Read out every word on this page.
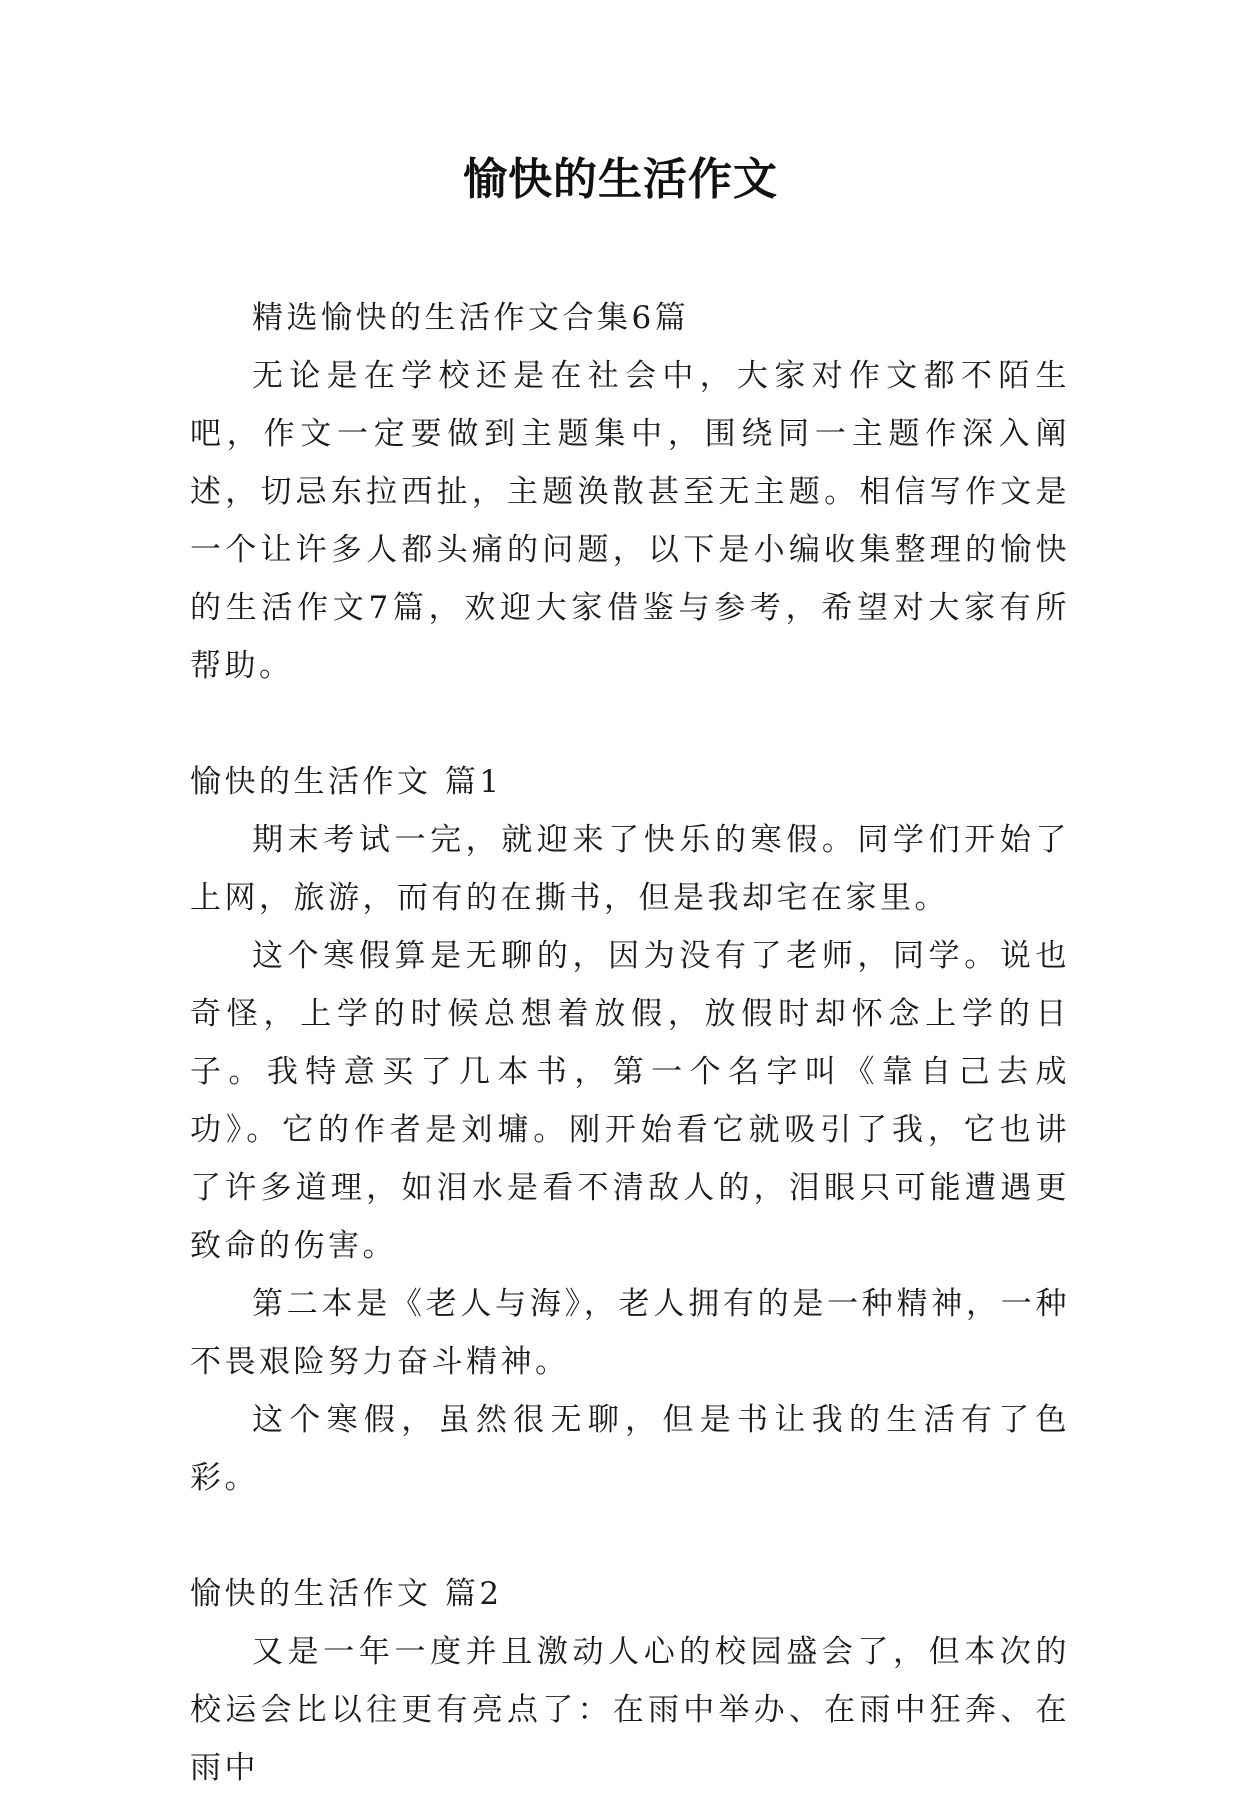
愉快的生活作文

精选愉快的生活作文合集6篇

无论是在学校还是在社会中，大家对作文都不陌生吧，作文一定要做到主题集中，围绕同一主题作深入阐述，切忌东拉西扯，主题涣散甚至无主题。相信写作文是一个让许多人都头痛的问题，以下是小编收集整理的愉快的生活作文7篇，欢迎大家借鉴与参考，希望对大家有所帮助。

愉快的生活作文 篇1

期末考试一完，就迎来了快乐的寒假。同学们开始了上网，旅游，而有的在撕书，但是我却宅在家里。

这个寒假算是无聊的，因为没有了老师，同学。说也奇怪，上学的时候总想着放假，放假时却怀念上学的日子。我特意买了几本书，第一个名字叫《靠自己去成功》。它的作者是刘墉。刚开始看它就吸引了我，它也讲了许多道理，如泪水是看不清敌人的，泪眼只可能遭遇更致命的伤害。

第二本是《老人与海》，老人拥有的是一种精神，一种不畏艰险努力奋斗精神。

这个寒假，虽然很无聊，但是书让我的生活有了色彩。

愉快的生活作文 篇2

又是一年一度并且激动人心的校园盛会了，但本次的校运会比以往更有亮点了：在雨中举办、在雨中狂奔、在雨中
